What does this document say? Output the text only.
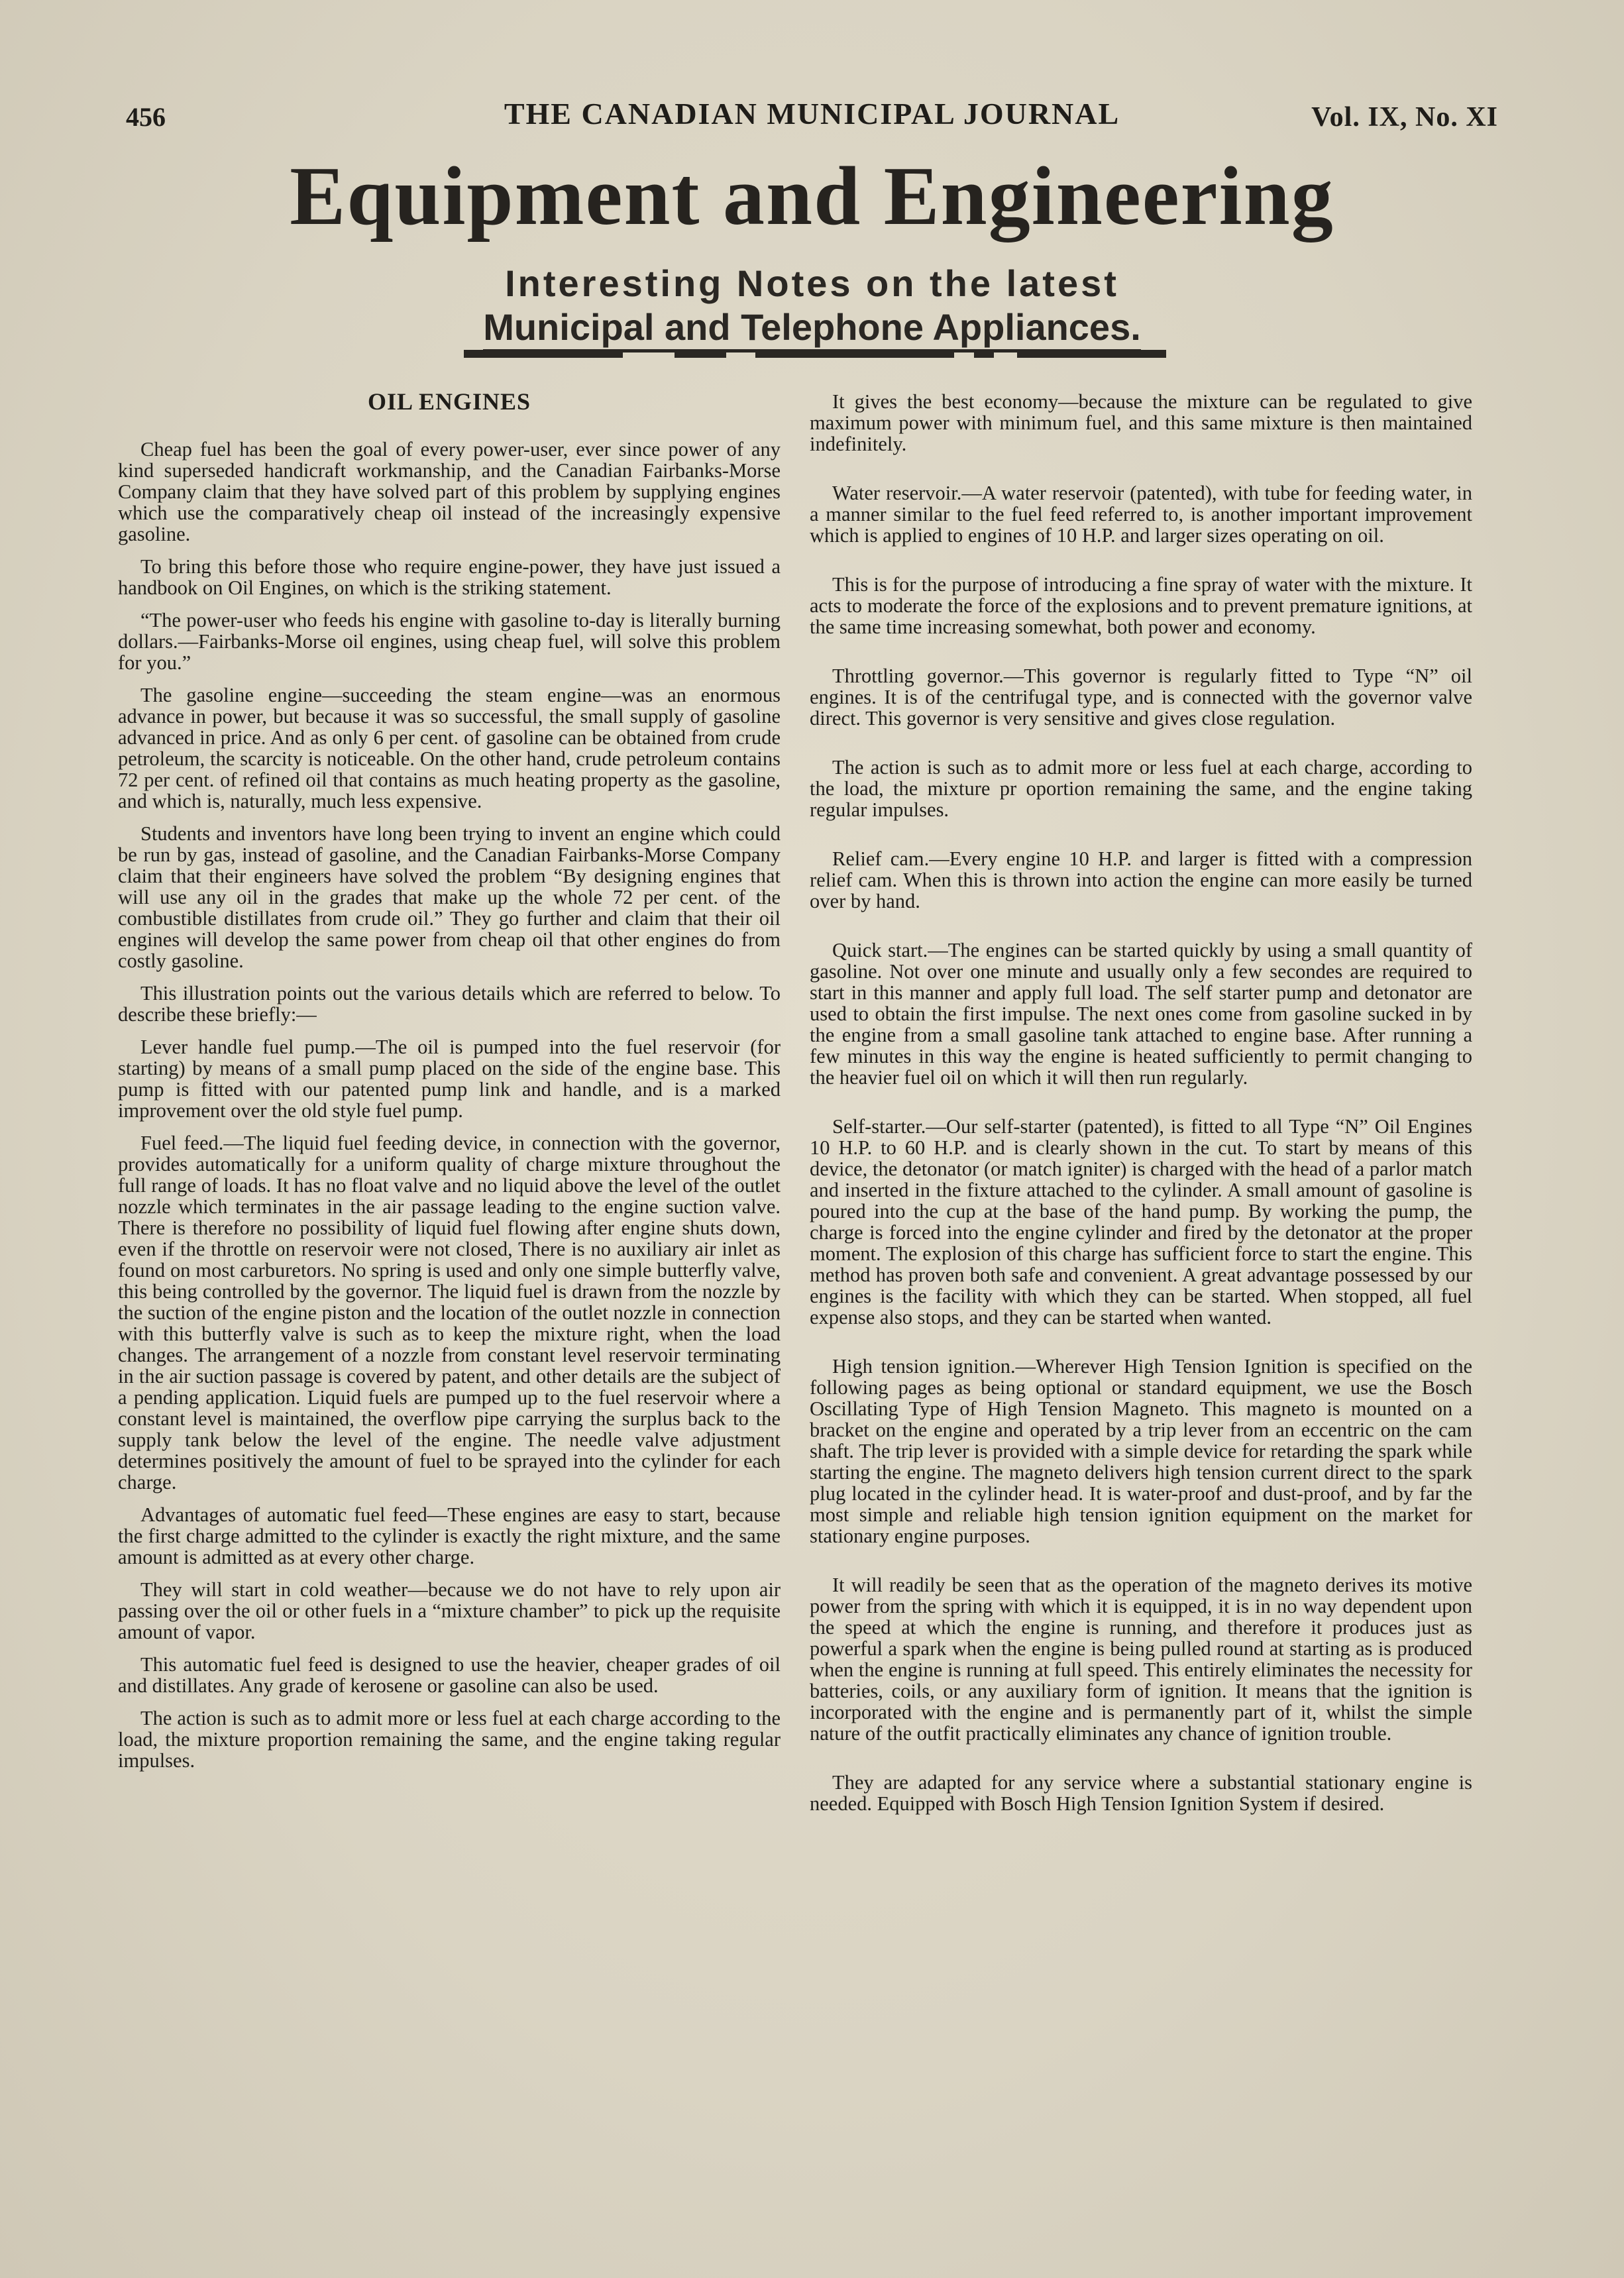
456	THE CANADIAN MUNICIPAL JOURNAL	Vol. IX, No. XI
Equipment and Engineering
Interesting Notes on the latest
Municipal and Telephone Appliances.
OIL ENGINES

Cheap fuel has been the goal of every power-user, ever since power of any kind superseded handicraft workmanship, and the Canadian Fairbanks-Morse Company claim that they have solved part of this problem by supplying engines which use the comparatively cheap oil instead of the increasingly expensive gasoline.

To bring this before those who require engine-power, they have just issued a handbook on Oil Engines, on which is the striking statement.

“The power-user who feeds his engine with gasoline to-day is literally burning dollars.—Fairbanks-Morse oil engines, using cheap fuel, will solve this problem for you.”

The gasoline engine—succeeding the steam engine—was an enormous advance in power, but because it was so successful, the small supply of gasoline advanced in price. And as only 6 per cent. of gasoline can be obtained from crude petroleum, the scarcity is noticeable. On the other hand, crude petroleum contains 72 per cent. of refined oil that contains as much heating property as the gasoline, and which is, naturally, much less expensive.

Students and inventors have long been trying to invent an engine which could be run by gas, instead of gasoline, and the Canadian Fairbanks-Morse Company claim that their engineers have solved the problem “By designing engines that will use any oil in the grades that make up the whole 72 per cent. of the combustible distillates from crude oil.” They go further and claim that their oil engines will develop the same power from cheap oil that other engines do from costly gasoline.

This illustration points out the various details which are referred to below. To describe these briefly:—

Lever handle fuel pump.—The oil is pumped into the fuel reservoir (for starting) by means of a small pump placed on the side of the engine base. This pump is fitted with our patented pump link and handle, and is a marked improvement over the old style fuel pump.

Fuel feed.—The liquid fuel feeding device, in connection with the governor, provides automatically for a uniform quality of charge mixture throughout the full range of loads. It has no float valve and no liquid above the level of the outlet nozzle which terminates in the air passage leading to the engine suction valve. There is therefore no possibility of liquid fuel flowing after engine shuts down, even if the throttle on reservoir were not closed, There is no auxiliary air inlet as found on most carburetors. No spring is used and only one simple butterfly valve, this being controlled by the governor. The liquid fuel is drawn from the nozzle by the suction of the engine piston and the location of the outlet nozzle in connection with this butterfly valve is such as to keep the mixture right, when the load changes. The arrangement of a nozzle from constant level reservoir terminating in the air suction passage is covered by patent, and other details are the subject of a pending application. Liquid fuels are pumped up to the fuel reservoir where a constant level is maintained, the overflow pipe carrying the surplus back to the supply tank below the level of the engine. The needle valve adjustment determines positively the amount of fuel to be sprayed into the cylinder for each charge.

Advantages of automatic fuel feed—These engines are easy to start, because the first charge admitted to the cylinder is exactly the right mixture, and the same amount is admitted as at every other charge.

They will start in cold weather—because we do not have to rely upon air passing over the oil or other fuels in a “mixture chamber” to pick up the requisite amount of vapor.

This automatic fuel feed is designed to use the heavier, cheaper grades of oil and distillates. Any grade of kerosene or gasoline can also be used.

The action is such as to admit more or less fuel at each charge according to the load, the mixture proportion remaining the same, and the engine taking regular impulses.

It gives the best economy—because the mixture can be regulated to give maximum power with minimum fuel, and this same mixture is then maintained indefinitely.

Water reservoir.—A water reservoir (patented), with tube for feeding water, in a manner similar to the fuel feed referred to, is another important improvement which is applied to engines of 10 H.P. and larger sizes operating on oil.

This is for the purpose of introducing a fine spray of water with the mixture. It acts to moderate the force of the explosions and to prevent premature ignitions, at the same time increasing somewhat, both power and economy.

Throttling governor.—This governor is regularly fitted to Type “N” oil engines. It is of the centrifugal type, and is connected with the governor valve direct. This governor is very sensitive and gives close regulation.

The action is such as to admit more or less fuel at each charge, according to the load, the mixture pr oportion remaining the same, and the engine taking regular impulses.

Relief cam.—Every engine 10 H.P. and larger is fitted with a compression relief cam. When this is thrown into action the engine can more easily be turned over by hand.

Quick start.—The engines can be started quickly by using a small quantity of gasoline. Not over one minute and usually only a few secondes are required to start in this manner and apply full load. The self starter pump and detonator are used to obtain the first impulse. The next ones come from gasoline sucked in by the engine from a small gasoline tank attached to engine base. After running a few minutes in this way the engine is heated sufficiently to permit changing to the heavier fuel oil on which it will then run regularly.

Self-starter.—Our self-starter (patented), is fitted to all Type “N” Oil Engines 10 H.P. to 60 H.P. and is clearly shown in the cut. To start by means of this device, the detonator (or match igniter) is charged with the head of a parlor match and inserted in the fixture attached to the cylinder. A small amount of gasoline is poured into the cup at the base of the hand pump. By working the pump, the charge is forced into the engine cylinder and fired by the detonator at the proper moment. The explosion of this charge has sufficient force to start the engine. This method has proven both safe and convenient. A great advantage possessed by our engines is the facility with which they can be started. When stopped, all fuel expense also stops, and they can be started when wanted.

High tension ignition.—Wherever High Tension Ignition is specified on the following pages as being optional or standard equipment, we use the Bosch Oscillating Type of High Tension Magneto. This magneto is mounted on a bracket on the engine and operated by a trip lever from an eccentric on the cam shaft. The trip lever is provided with a simple device for retarding the spark while starting the engine. The magneto delivers high tension current direct to the spark plug located in the cylinder head. It is water-proof and dust-proof, and by far the most simple and reliable high tension ignition equipment on the market for stationary engine purposes.

It will readily be seen that as the operation of the magneto derives its motive power from the spring with which it is equipped, it is in no way dependent upon the speed at which the engine is running, and therefore it produces just as powerful a spark when the engine is being pulled round at starting as is produced when the engine is running at full speed. This entirely eliminates the necessity for batteries, coils, or any auxiliary form of ignition. It means that the ignition is incorporated with the engine and is permanently part of it, whilst the simple nature of the outfit practically eliminates any chance of ignition trouble.

They are adapted for any service where a substantial stationary engine is needed. Equipped with Bosch High Tension Ignition System if desired.
